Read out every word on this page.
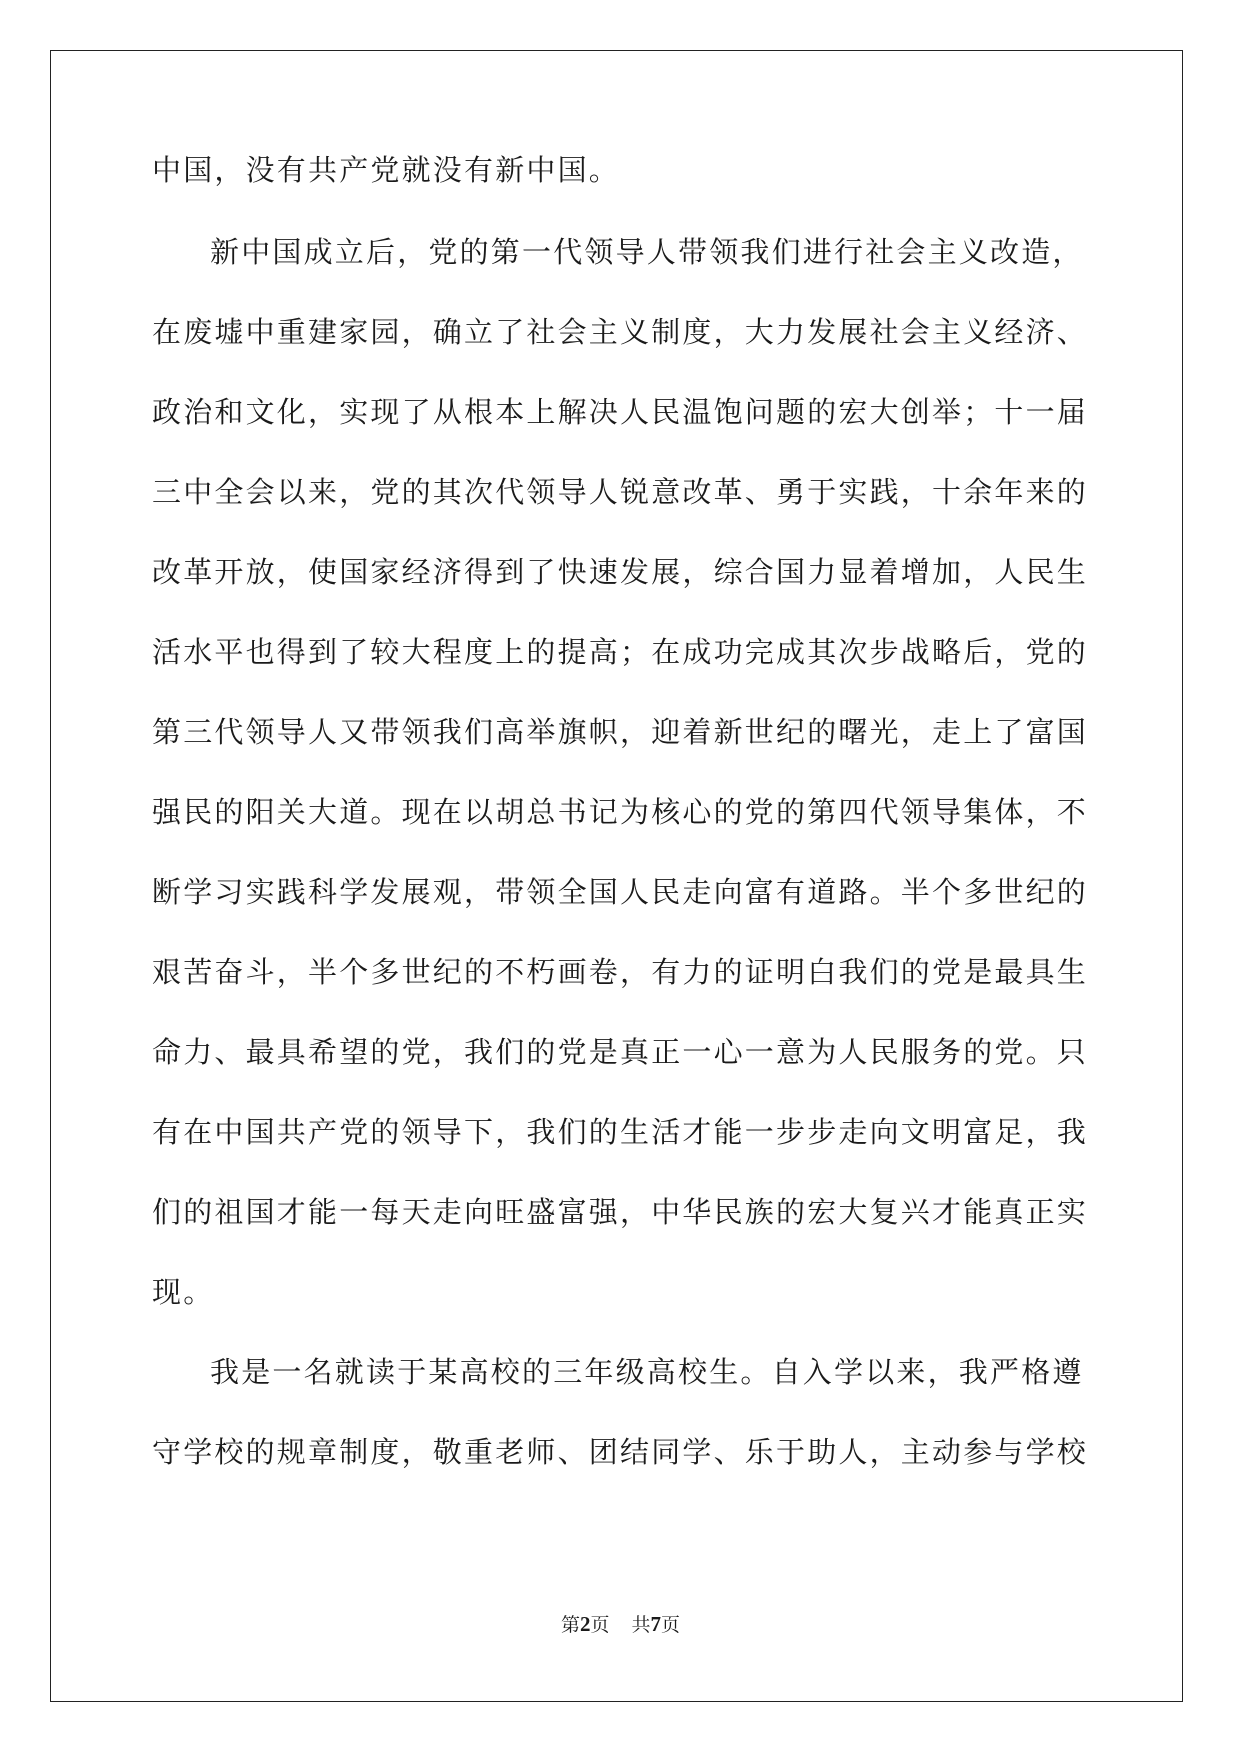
中国，没有共产党就没有新中国。
新中国成立后，党的第一代领导人带领我们进行社会主义改造，
在废墟中重建家园，确立了社会主义制度，大力发展社会主义经济、
政治和文化，实现了从根本上解决人民温饱问题的宏大创举；十一届
三中全会以来，党的其次代领导人锐意改革、勇于实践，十余年来的
改革开放，使国家经济得到了快速发展，综合国力显着增加，人民生
活水平也得到了较大程度上的提高；在成功完成其次步战略后，党的
第三代领导人又带领我们高举旗帜，迎着新世纪的曙光，走上了富国
强民的阳关大道。现在以胡总书记为核心的党的第四代领导集体，不
断学习实践科学发展观，带领全国人民走向富有道路。半个多世纪的
艰苦奋斗，半个多世纪的不朽画卷，有力的证明白我们的党是最具生
命力、最具希望的党，我们的党是真正一心一意为人民服务的党。只
有在中国共产党的领导下，我们的生活才能一步步走向文明富足，我
们的祖国才能一每天走向旺盛富强，中华民族的宏大复兴才能真正实
现。
我是一名就读于某高校的三年级高校生。自入学以来，我严格遵
守学校的规章制度，敬重老师、团结同学、乐于助人，主动参与学校
第2页 共7页
